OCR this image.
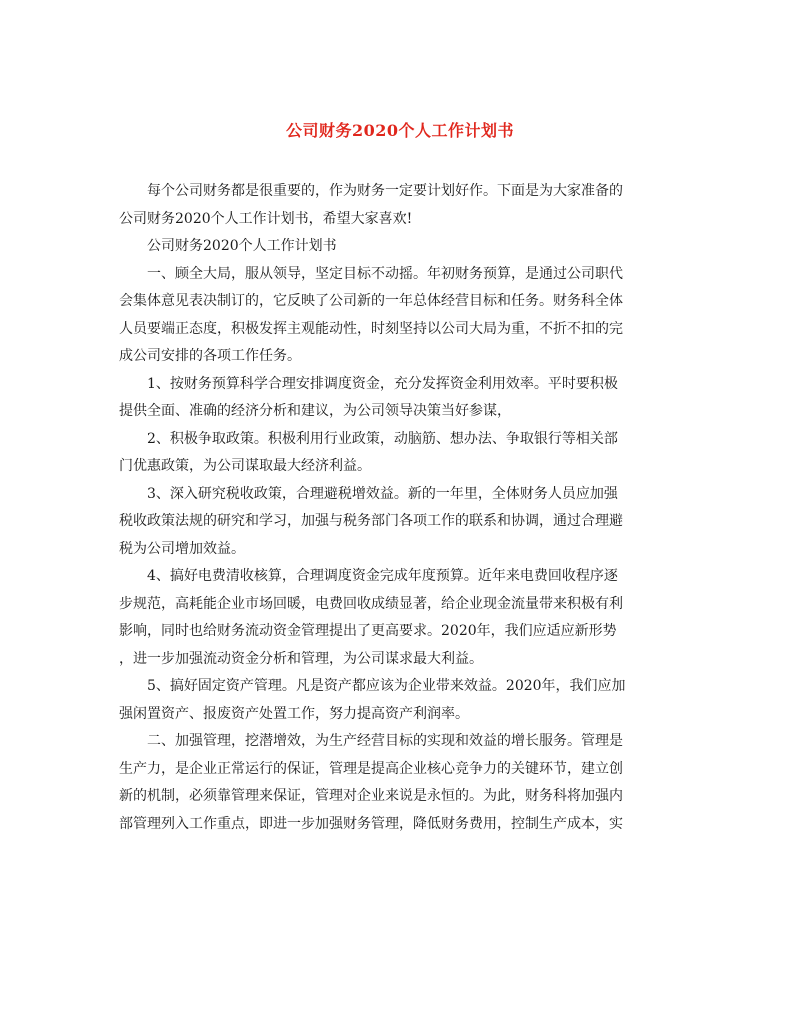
公司财务2020个人工作计划书
每个公司财务都是很重要的，作为财务一定要计划好作。下面是为大家准备的
公司财务2020个人工作计划书，希望大家喜欢!
公司财务2020个人工作计划书
一、顾全大局，服从领导，坚定目标不动摇。年初财务预算，是通过公司职代
会集体意见表决制订的，它反映了公司新的一年总体经营目标和任务。财务科全体
人员要端正态度，积极发挥主观能动性，时刻坚持以公司大局为重，不折不扣的完
成公司安排的各项工作任务。
1、按财务预算科学合理安排调度资金，充分发挥资金利用效率。平时要积极
提供全面、准确的经济分析和建议，为公司领导决策当好参谋，
2、积极争取政策。积极利用行业政策，动脑筋、想办法、争取银行等相关部
门优惠政策，为公司谋取最大经济利益。
3、深入研究税收政策，合理避税增效益。新的一年里，全体财务人员应加强
税收政策法规的研究和学习，加强与税务部门各项工作的联系和协调，通过合理避
税为公司增加效益。
4、搞好电费清收核算，合理调度资金完成年度预算。近年来电费回收程序逐
步规范，高耗能企业市场回暖，电费回收成绩显著，给企业现金流量带来积极有利
影响，同时也给财务流动资金管理提出了更高要求。2020年，我们应适应新形势
，进一步加强流动资金分析和管理，为公司谋求最大利益。
5、搞好固定资产管理。凡是资产都应该为企业带来效益。2020年，我们应加
强闲置资产、报废资产处置工作，努力提高资产利润率。
二、加强管理，挖潜增效，为生产经营目标的实现和效益的增长服务。管理是
生产力，是企业正常运行的保证，管理是提高企业核心竞争力的关键环节，建立创
新的机制，必须靠管理来保证，管理对企业来说是永恒的。为此，财务科将加强内
部管理列入工作重点，即进一步加强财务管理，降低财务费用，控制生产成本，实
